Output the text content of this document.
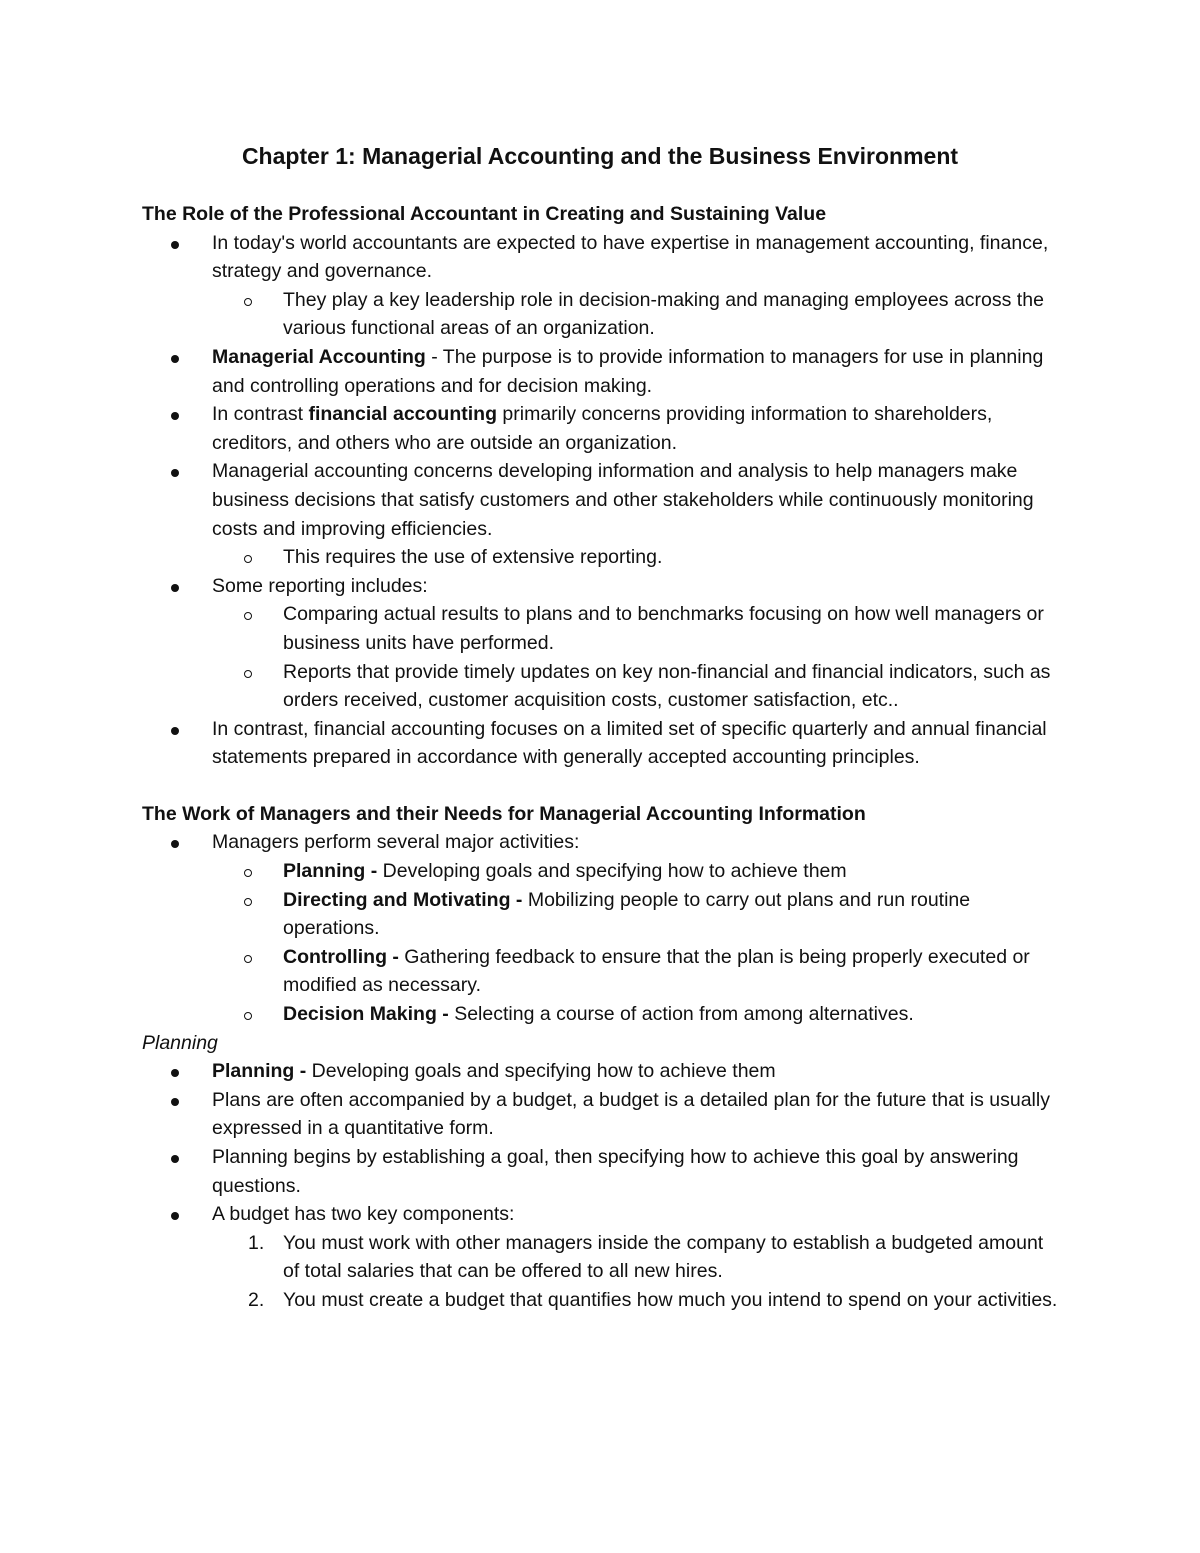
Chapter 1: Managerial Accounting and the Business Environment
The Role of the Professional Accountant in Creating and Sustaining Value
In today's world accountants are expected to have expertise in management accounting, finance, strategy and governance.
They play a key leadership role in decision-making and managing employees across the various functional areas of an organization.
Managerial Accounting - The purpose is to provide information to managers for use in planning and controlling operations and for decision making.
In contrast financial accounting primarily concerns providing information to shareholders, creditors, and others who are outside an organization.
Managerial accounting concerns developing information and analysis to help managers make business decisions that satisfy customers and other stakeholders while continuously monitoring costs and improving efficiencies.
This requires the use of extensive reporting.
Some reporting includes:
Comparing actual results to plans and to benchmarks focusing on how well managers or business units have performed.
Reports that provide timely updates on key non-financial and financial indicators, such as orders received, customer acquisition costs, customer satisfaction, etc..
In contrast, financial accounting focuses on a limited set of specific quarterly and annual financial statements prepared in accordance with generally accepted accounting principles.
The Work of Managers and their Needs for Managerial Accounting Information
Managers perform several major activities:
Planning - Developing goals and specifying how to achieve them
Directing and Motivating - Mobilizing people to carry out plans and run routine operations.
Controlling - Gathering feedback to ensure that the plan is being properly executed or modified as necessary.
Decision Making - Selecting a course of action from among alternatives.
Planning
Planning - Developing goals and specifying how to achieve them
Plans are often accompanied by a budget, a budget is a detailed plan for the future that is usually expressed in a quantitative form.
Planning begins by establishing a goal, then specifying how to achieve this goal by answering questions.
A budget has two key components:
1. You must work with other managers inside the company to establish a budgeted amount of total salaries that can be offered to all new hires.
2. You must create a budget that quantifies how much you intend to spend on your activities.
